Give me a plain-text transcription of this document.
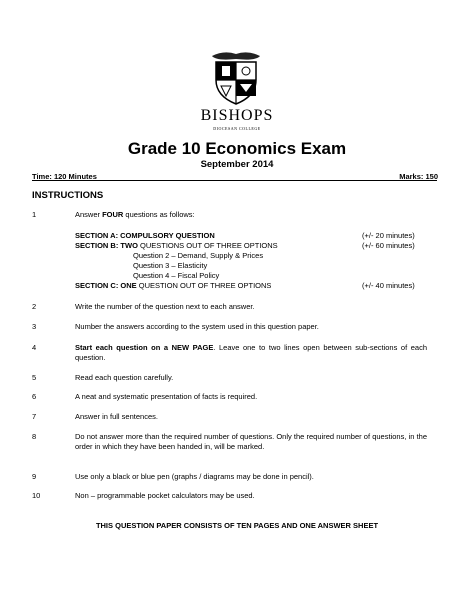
BISHOPS
DIOCESAN COLLEGE
Grade 10 Economics Exam
September 2014
Time: 120 Minutes	Marks: 150
INSTRUCTIONS
1	Answer FOUR questions as follows:
SECTION A: COMPULSORY QUESTION	(+/- 20 minutes)
SECTION B: TWO QUESTIONS OUT OF THREE OPTIONS	(+/- 60 minutes)
Question 2 – Demand, Supply & Prices
Question 3 – Elasticity
Question 4 – Fiscal Policy
SECTION C: ONE QUESTION OUT OF THREE OPTIONS	(+/- 40 minutes)
2	Write the number of the question next to each answer.
3	Number the answers according to the system used in this question paper.
4	Start each question on a NEW PAGE. Leave one to two lines open between sub-sections of each question.
5	Read each question carefully.
6	A neat and systematic presentation of facts is required.
7	Answer in full sentences.
8	Do not answer more than the required number of questions. Only the required number of questions, in the order in which they have been handed in, will be marked.
9	Use only a black or blue pen (graphs / diagrams may be done in pencil).
10	Non – programmable pocket calculators may be used.
THIS QUESTION PAPER CONSISTS OF TEN PAGES AND ONE ANSWER SHEET
